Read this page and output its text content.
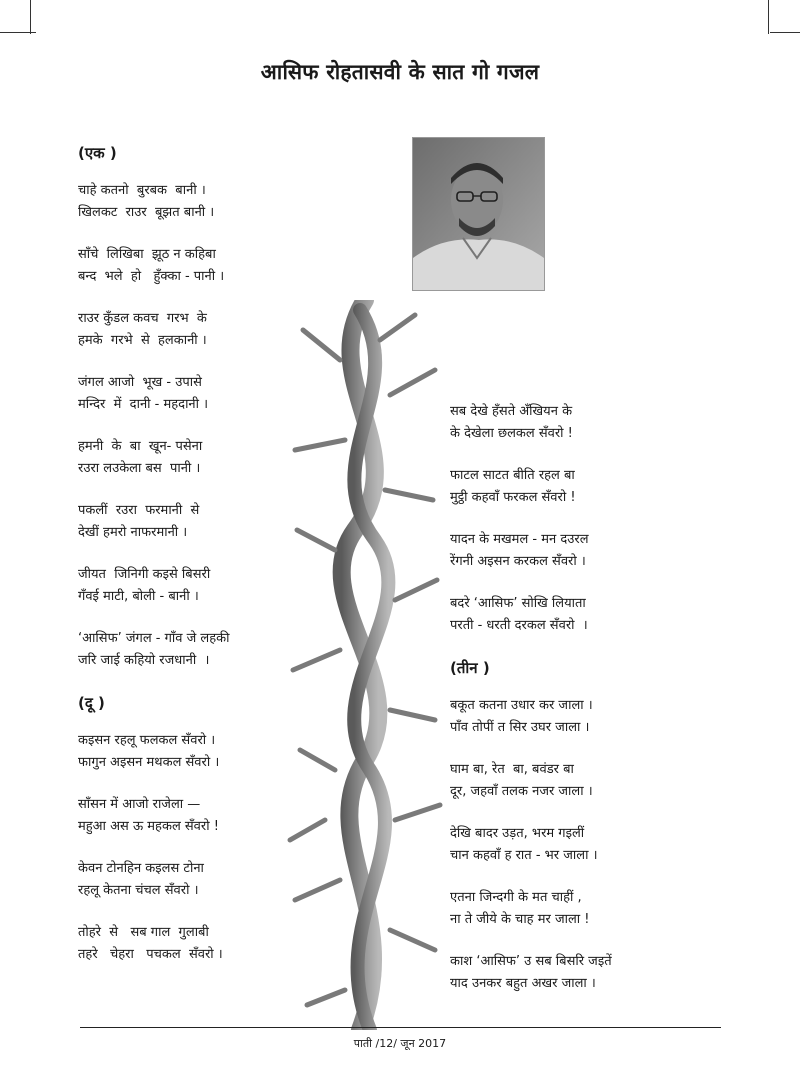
आसिफ रोहतासवी के सात गो गजल
(एक )
चाहे कतनो  बुरबक  बानी ।
खिलकट  राउर  बूझत बानी ।
साँचे  लिखिबा  झूठ न कहिबा
बन्द  भले  हो   हुँक्का - पानी ।
राउर कुँडल कवच  गरभ  के
हमके  गरभे  से  हलकानी ।
जंगल आजो  भूख - उपासे
मन्दिर  में  दानी - महदानी ।
हमनी  के  बा  खून- पसेना
रउरा लउकेला बस  पानी ।
पकलीं  रउरा  फरमानी  से
देखीं हमरो नाफरमानी ।
जीयत  जिनिगी कइसे बिसरी
गँवई माटी, बोली - बानी ।
‘आसिफ’ जंगल - गाँव जे लहकी
जरि जाई कहियो रजधानी  ।
(दू )
कइसन रहलू फलकल सँवरो ।
फागुन अइसन मथकल सँवरो ।
साँसन में आजो राजेला —
महुआ अस ऊ महकल सँवरो !
केवन टोनहिन कइलस टोना
रहलू केतना चंचल सँवरो ।
तोहरे  से   सब गाल  गुलाबी
तहरे   चेहरा   पचकल  सँवरो ।
सब देखे हँसते अँखियन के
के देखेला छलकल सँवरो !
फाटल साटत बीति रहल बा
मुट्ठी कहवाँ फरकल सँवरो !
यादन के मखमल - मन दउरल
रेंगनी अइसन करकल सँवरो ।
बदरे ‘आसिफ’ सोखि लियाता
परती - धरती दरकल सँवरो  ।
(तीन )
बकूत कतना उधार कर जाला ।
पाँव तोपीं त सिर उघर जाला ।
घाम बा, रेत  बा, बवंडर बा
दूर, जहवाँ तलक नजर जाला ।
देखि बादर उड़त, भरम गइलीं
चान कहवाँ ह रात - भर जाला ।
एतना जिन्दगी के मत चाहीं ,
ना ते जीये के चाह मर जाला !
काश ‘आसिफ’ उ सब बिसरि जइतें
याद उनकर बहुत अखर जाला ।
पाती /12/ जून 2017
